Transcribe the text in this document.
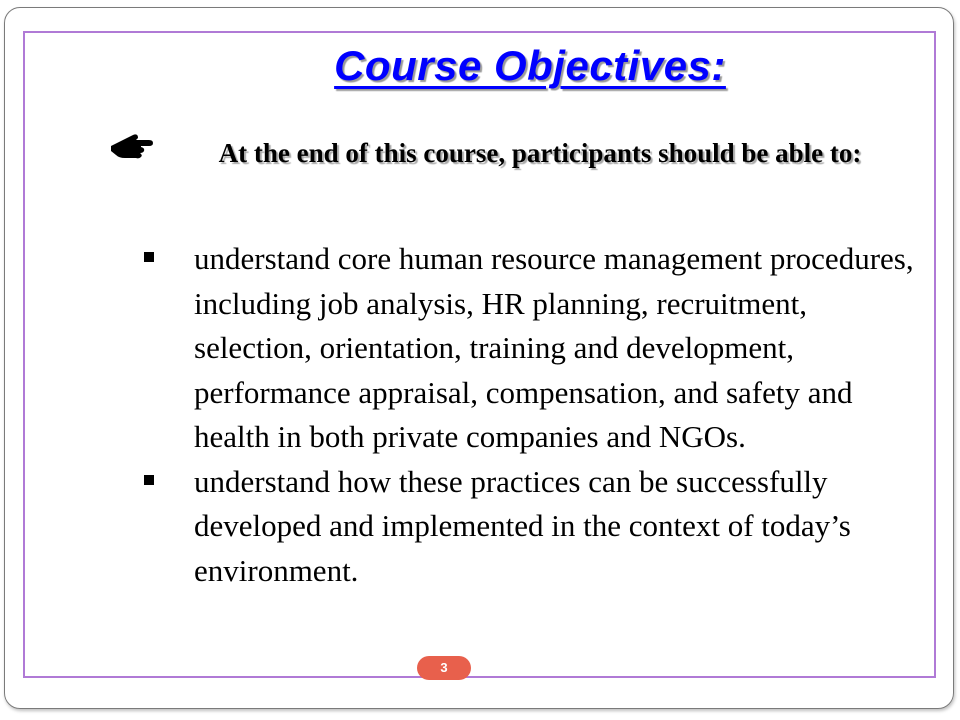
Course Objectives:
At the end of this course, participants should be able to:
understand core human resource management procedures, including job analysis, HR planning, recruitment, selection, orientation, training and development, performance appraisal, compensation, and safety and health in both private companies and NGOs.
understand how these practices can be successfully developed and implemented in the context of today’s environment.
3
